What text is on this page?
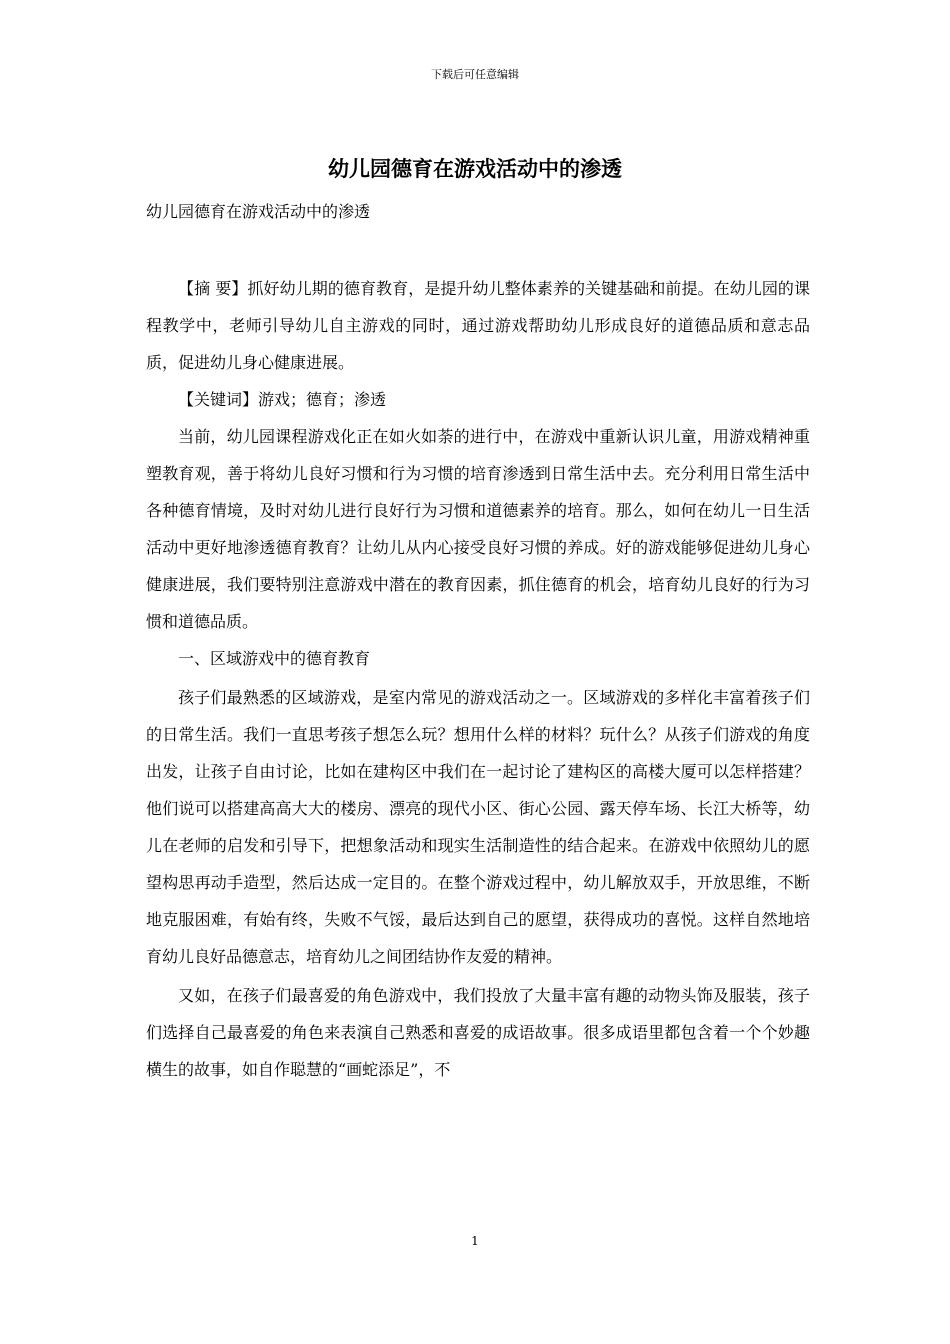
下载后可任意编辑
幼儿园德育在游戏活动中的渗透
幼儿园德育在游戏活动中的渗透

【摘 要】抓好幼儿期的德育教育，是提升幼儿整体素养的关键基础和前提。在幼儿园的课程教学中，老师引导幼儿自主游戏的同时，通过游戏帮助幼儿形成良好的道德品质和意志品质，促进幼儿身心健康进展。

【关键词】游戏；德育；渗透

当前，幼儿园课程游戏化正在如火如荼的进行中，在游戏中重新认识儿童，用游戏精神重塑教育观，善于将幼儿良好习惯和行为习惯的培育渗透到日常生活中去。充分利用日常生活中各种德育情境，及时对幼儿进行良好行为习惯和道德素养的培育。那么，如何在幼儿一日生活活动中更好地渗透德育教育？让幼儿从内心接受良好习惯的养成。好的游戏能够促进幼儿身心健康进展，我们要特别注意游戏中潜在的教育因素，抓住德育的机会，培育幼儿良好的行为习惯和道德品质。

一、区域游戏中的德育教育

孩子们最熟悉的区域游戏，是室内常见的游戏活动之一。区域游戏的多样化丰富着孩子们的日常生活。我们一直思考孩子想怎么玩？想用什么样的材料？玩什么？从孩子们游戏的角度出发，让孩子自由讨论，比如在建构区中我们在一起讨论了建构区的高楼大厦可以怎样搭建？他们说可以搭建高高大大的楼房、漂亮的现代小区、街心公园、露天停车场、长江大桥等，幼儿在老师的启发和引导下，把想象活动和现实生活制造性的结合起来。在游戏中依照幼儿的愿望构思再动手造型，然后达成一定目的。在整个游戏过程中，幼儿解放双手，开放思维，不断地克服困难，有始有终，失败不气馁，最后达到自己的愿望，获得成功的喜悦。这样自然地培育幼儿良好品德意志，培育幼儿之间团结协作友爱的精神。

又如，在孩子们最喜爱的角色游戏中，我们投放了大量丰富有趣的动物头饰及服装，孩子们选择自己最喜爱的角色来表演自己熟悉和喜爱的成语故事。很多成语里都包含着一个个妙趣横生的故事，如自作聪慧的“画蛇添足”，不

1
